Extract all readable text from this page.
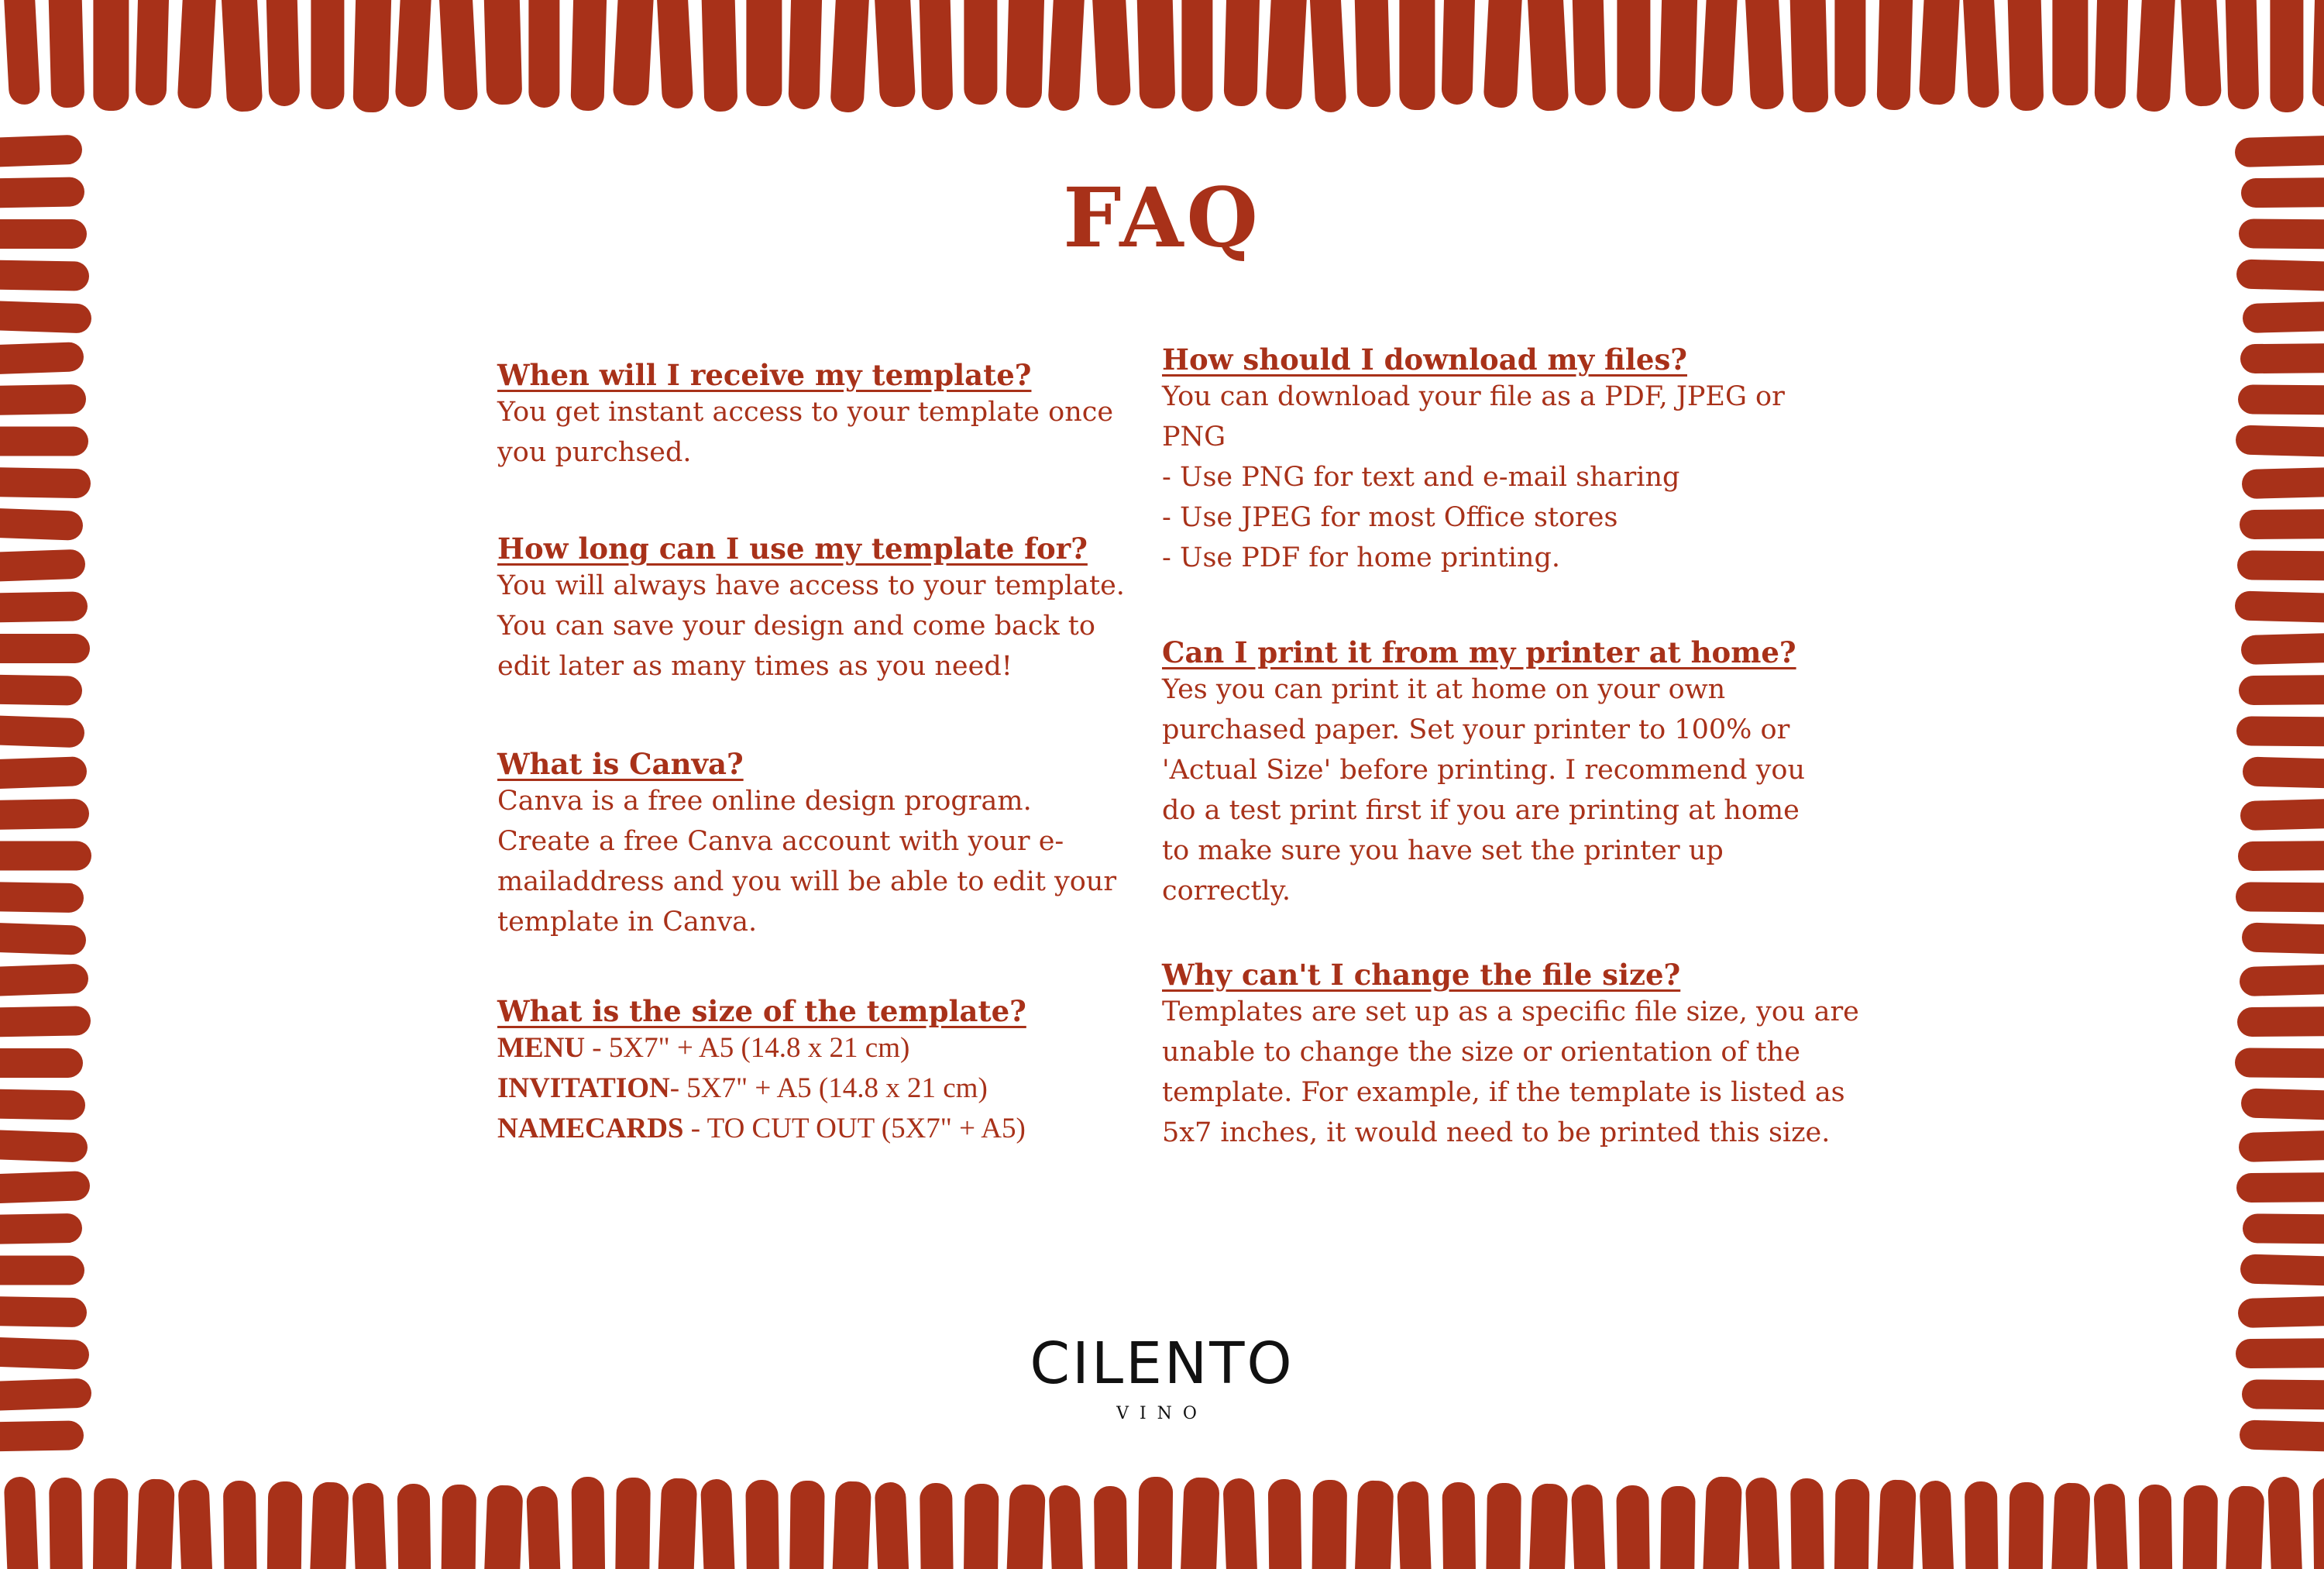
FAQ
When will I receive my template?

You get instant access to your template once

you purchsed.

How long can I use my template for?

You will always have access to your template.

You can save your design and come back to

edit later as many times as you need!

What is Canva?

Canva is a free online design program.

Create a free Canva account with your e-

mailaddress and you will be able to edit your

template in Canva.

What is the size of the template?

MENU - 5X7" + A5 (14.8 x 21 cm)

INVITATION- 5X7" + A5 (14.8 x 21 cm)

NAMECARDS - TO CUT OUT (5X7" + A5)

How should I download my files?

You can download your file as a PDF, JPEG or

PNG

- Use PNG for text and e-mail sharing

- Use JPEG for most Office stores

- Use PDF for home printing.

Can I print it from my printer at home?

Yes you can print it at home on your own

purchased paper. Set your printer to 100% or

'Actual Size' before printing. I recommend you

do a test print first if you are printing at home

to make sure you have set the printer up

correctly.

Why can't I change the file size?

Templates are set up as a specific file size, you are

unable to change the size or orientation of the

template. For example, if the template is listed as

5x7 inches, it would need to be printed this size.

CILENTO
VINO
